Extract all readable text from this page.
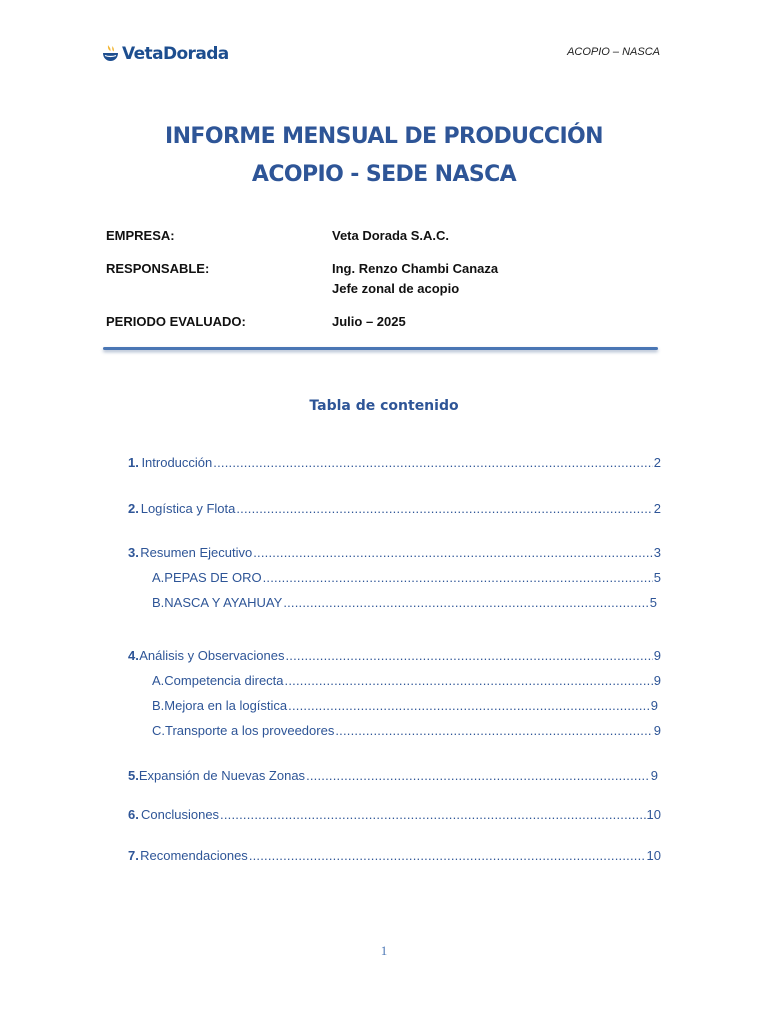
VetaDorada	ACOPIO – NASCA
INFORME MENSUAL DE PRODUCCIÓN
ACOPIO - SEDE NASCA
EMPRESA:	Veta Dorada S.A.C.
RESPONSABLE:	Ing. Renzo Chambi Canaza
Jefe zonal de acopio
PERIODO EVALUADO:	Julio – 2025
Tabla de contenido
1. Introducción .....	2
2. Logística y Flota .....	2
3. Resumen Ejecutivo .....	3
A. PEPAS DE ORO .....	5
B. NASCA Y AYAHUAY .....	5
4. Análisis y Observaciones .....	9
A. Competencia directa .....	9
B. Mejora en la logística .....	9
C. Transporte a los proveedores .....	9
5. Expansión de Nuevas Zonas .....	9
6. Conclusiones .....	10
7. Recomendaciones .....	10
1
